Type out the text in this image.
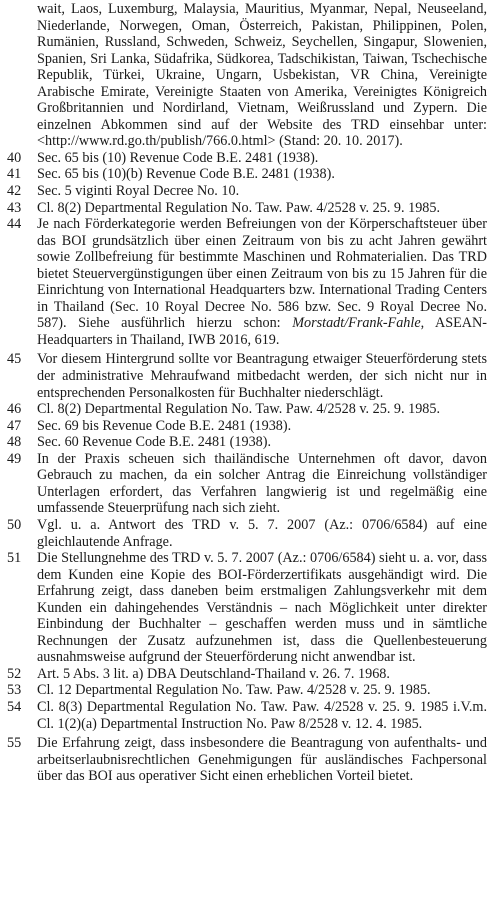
wait, Laos, Luxemburg, Malaysia, Mauritius, Myanmar, Nepal, Neuseeland, Niederlande, Norwegen, Oman, Österreich, Pakistan, Philippinen, Polen, Rumänien, Russland, Schweden, Schweiz, Seychellen, Singapur, Slowenien, Spanien, Sri Lanka, Südafrika, Südkorea, Tadschikistan, Taiwan, Tschechische Republik, Türkei, Ukraine, Ungarn, Usbekistan, VR China, Vereinigte Arabische Emirate, Vereinigte Staaten von Amerika, Vereinigtes Königreich Großbritannien und Nordirland, Vietnam, Weißrussland und Zypern. Die einzelnen Abkommen sind auf der Website des TRD einsehbar unter: <http://www.rd.go.th/publish/766.0.html> (Stand: 20. 10. 2017).
40	Sec. 65 bis (10) Revenue Code B.E. 2481 (1938).
41	Sec. 65 bis (10)(b) Revenue Code B.E. 2481 (1938).
42	Sec. 5 viginti Royal Decree No. 10.
43	Cl. 8(2) Departmental Regulation No. Taw. Paw. 4/2528 v. 25. 9. 1985.
44	Je nach Förderkategorie werden Befreiungen von der Körperschaftsteuer über das BOI grundsätzlich über einen Zeitraum von bis zu acht Jahren gewährt sowie Zollbefreiung für bestimmte Maschinen und Rohmaterialien. Das TRD bietet Steuervergünstigungen über einen Zeitraum von bis zu 15 Jahren für die Einrichtung von International Headquarters bzw. International Trading Centers in Thailand (Sec. 10 Royal Decree No. 586 bzw. Sec. 9 Royal Decree No. 587). Siehe ausführlich hierzu schon: Morstadt/Frank-Fahle, ASEAN-Headquarters in Thailand, IWB 2016, 619.
45	Vor diesem Hintergrund sollte vor Beantragung etwaiger Steuerförderung stets der administrative Mehraufwand mitbedacht werden, der sich nicht nur in entsprechenden Personalkosten für Buchhalter niederschlägt.
46	Cl. 8(2) Departmental Regulation No. Taw. Paw. 4/2528 v. 25. 9. 1985.
47	Sec. 69 bis Revenue Code B.E. 2481 (1938).
48	Sec. 60 Revenue Code B.E. 2481 (1938).
49	In der Praxis scheuen sich thailändische Unternehmen oft davor, davon Gebrauch zu machen, da ein solcher Antrag die Einreichung vollständiger Unterlagen erfordert, das Verfahren langwierig ist und regelmäßig eine umfassende Steuerprüfung nach sich zieht.
50	Vgl. u. a. Antwort des TRD v. 5. 7. 2007 (Az.: 0706/6584) auf eine gleichlautende Anfrage.
51	Die Stellungnehme des TRD v. 5. 7. 2007 (Az.: 0706/6584) sieht u. a. vor, dass dem Kunden eine Kopie des BOI-Förderzertifikats ausgehändigt wird. Die Erfahrung zeigt, dass daneben beim erstmaligen Zahlungsverkehr mit dem Kunden ein dahingehendes Verständnis – nach Möglichkeit unter direkter Einbindung der Buchhalter – geschaffen werden muss und in sämtliche Rechnungen der Zusatz aufzunehmen ist, dass die Quellenbesteuerung ausnahmsweise aufgrund der Steuerförderung nicht anwendbar ist.
52	Art. 5 Abs. 3 lit. a) DBA Deutschland-Thailand v. 26. 7. 1968.
53	Cl. 12 Departmental Regulation No. Taw. Paw. 4/2528 v. 25. 9. 1985.
54	Cl. 8(3) Departmental Regulation No. Taw. Paw. 4/2528 v. 25. 9. 1985 i.V.m. Cl. 1(2)(a) Departmental Instruction No. Paw 8/2528 v. 12. 4. 1985.
55	Die Erfahrung zeigt, dass insbesondere die Beantragung von aufenthalts- und arbeitserlaubnisrechtlichen Genehmigungen für ausländisches Fachpersonal über das BOI aus operativer Sicht einen erheblichen Vorteil bietet.
